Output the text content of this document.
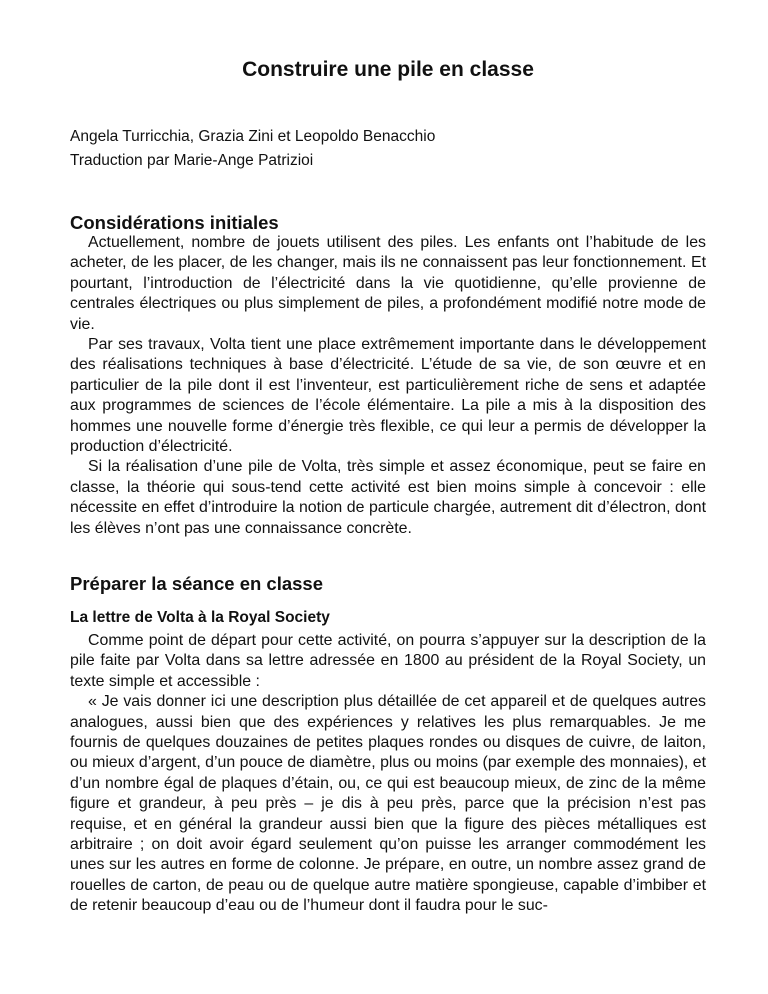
Construire une pile en classe
Angela Turricchia, Grazia Zini et Leopoldo Benacchio
Traduction par Marie-Ange Patrizioi
Considérations initiales

Actuellement, nombre de jouets utilisent des piles. Les enfants ont l’habitude de les acheter, de les placer, de les changer, mais ils ne connaissent pas leur fonctionnement. Et pourtant, l’introduction de l’électricité dans la vie quotidienne, qu’elle provienne de centrales électriques ou plus simplement de piles, a profondément modifié notre mode de vie.

Par ses travaux, Volta tient une place extrêmement importante dans le développement des réalisations techniques à base d’électricité. L’étude de sa vie, de son œuvre et en particulier de la pile dont il est l’inventeur, est particulièrement riche de sens et adaptée aux programmes de sciences de l’école élémentaire. La pile a mis à la disposition des hommes une nouvelle forme d’énergie très flexible, ce qui leur a permis de développer la production d’électricité.

Si la réalisation d’une pile de Volta, très simple et assez économique, peut se faire en classe, la théorie qui sous-tend cette activité est bien moins simple à concevoir : elle nécessite en effet d’introduire la notion de particule chargée, autrement dit d’électron, dont les élèves n’ont pas une connaissance concrète.

Préparer la séance en classe
La lettre de Volta à la Royal Society

Comme point de départ pour cette activité, on pourra s’appuyer sur la description de la pile faite par Volta dans sa lettre adressée en 1800 au président de la Royal Society, un texte simple et accessible :

« Je vais donner ici une description plus détaillée de cet appareil et de quelques autres analogues, aussi bien que des expériences y relatives les plus remarquables. Je me fournis de quelques douzaines de petites plaques rondes ou disques de cuivre, de laiton, ou mieux d’argent, d’un pouce de diamètre, plus ou moins (par exemple des monnaies), et d’un nombre égal de plaques d’étain, ou, ce qui est beaucoup mieux, de zinc de la même figure et grandeur, à peu près – je dis à peu près, parce que la précision n’est pas requise, et en général la grandeur aussi bien que la figure des pièces métalliques est arbitraire ; on doit avoir égard seulement qu’on puisse les arranger commodément les unes sur les autres en forme de colonne. Je prépare, en outre, un nombre assez grand de rouelles de carton, de peau ou de quelque autre matière spongieuse, capable d’imbiber et de retenir beaucoup d’eau ou de l’humeur dont il faudra pour le suc-
